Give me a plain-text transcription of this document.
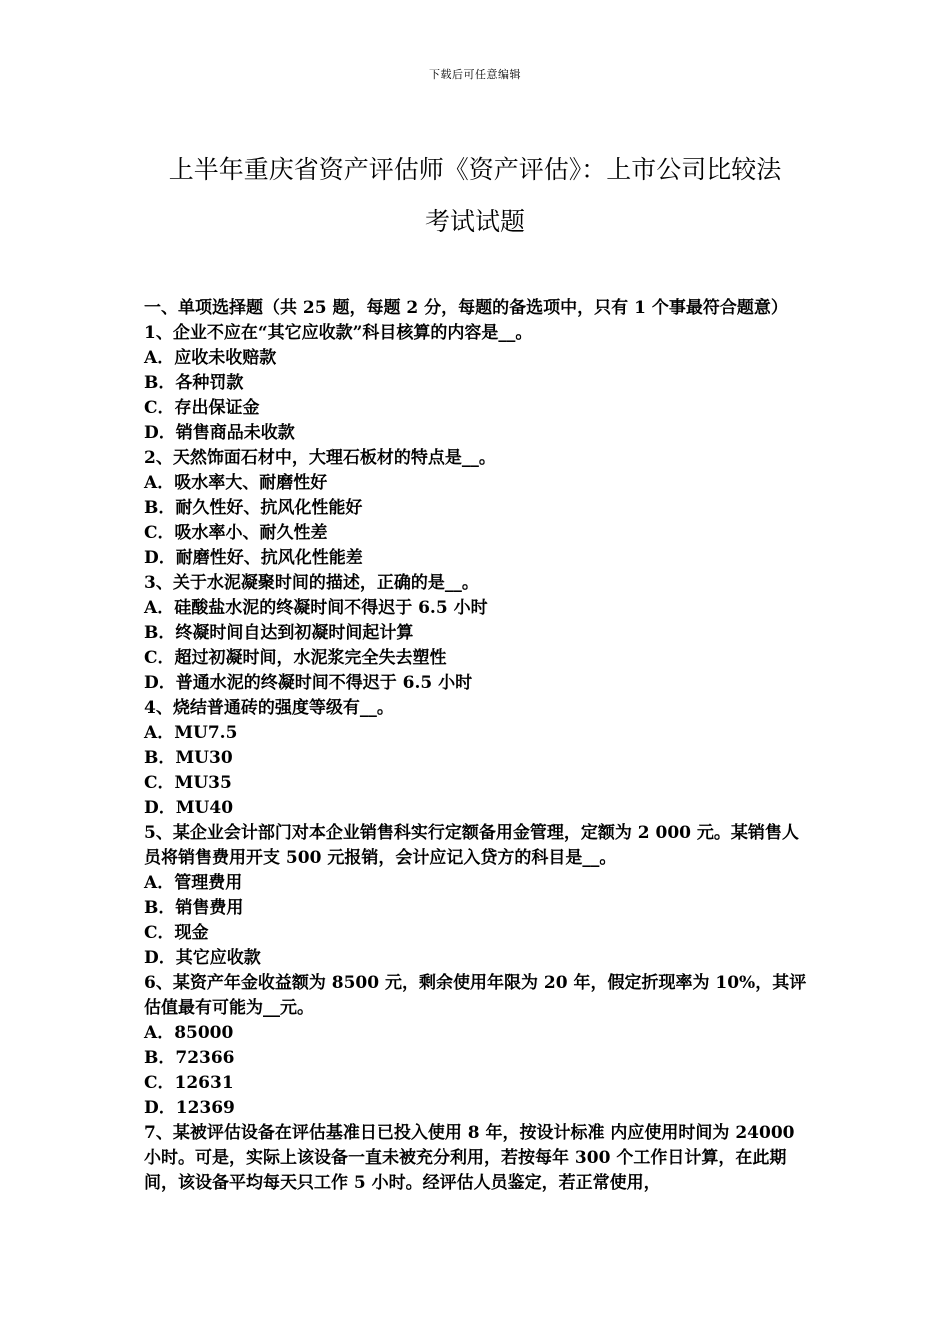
下载后可任意编辑
上半年重庆省资产评估师《资产评估》：上市公司比较法
考试试题
一、单项选择题（共 25 题，每题 2 分，每题的备选项中，只有 1 个事最符合题意）
1、企业不应在“其它应收款”科目核算的内容是__。
A．应收未收赔款
B．各种罚款
C．存出保证金
D．销售商品未收款
2、天然饰面石材中，大理石板材的特点是__。
A．吸水率大、耐磨性好
B．耐久性好、抗风化性能好
C．吸水率小、耐久性差
D．耐磨性好、抗风化性能差
3、关于水泥凝聚时间的描述，正确的是__。
A．硅酸盐水泥的终凝时间不得迟于 6.5 小时
B．终凝时间自达到初凝时间起计算
C．超过初凝时间，水泥浆完全失去塑性
D．普通水泥的终凝时间不得迟于 6.5 小时
4、烧结普通砖的强度等级有__。
A．MU7.5
B．MU30
C．MU35
D．MU40
5、某企业会计部门对本企业销售科实行定额备用金管理，定额为 2 000 元。某销售人员将销售费用开支 500 元报销，会计应记入贷方的科目是__。
A．管理费用
B．销售费用
C．现金
D．其它应收款
6、某资产年金收益额为 8500 元，剩余使用年限为 20 年，假定折现率为 10%，其评估值最有可能为__元。
A．85000
B．72366
C．12631
D．12369
7、某被评估设备在评估基准日已投入使用 8 年，按设计标准 内应使用时间为 24000 小时。可是，实际上该设备一直未被充分利用，若按每年 300 个工作日计算，在此期间，该设备平均每天只工作 5 小时。经评估人员鉴定，若正常使用，
